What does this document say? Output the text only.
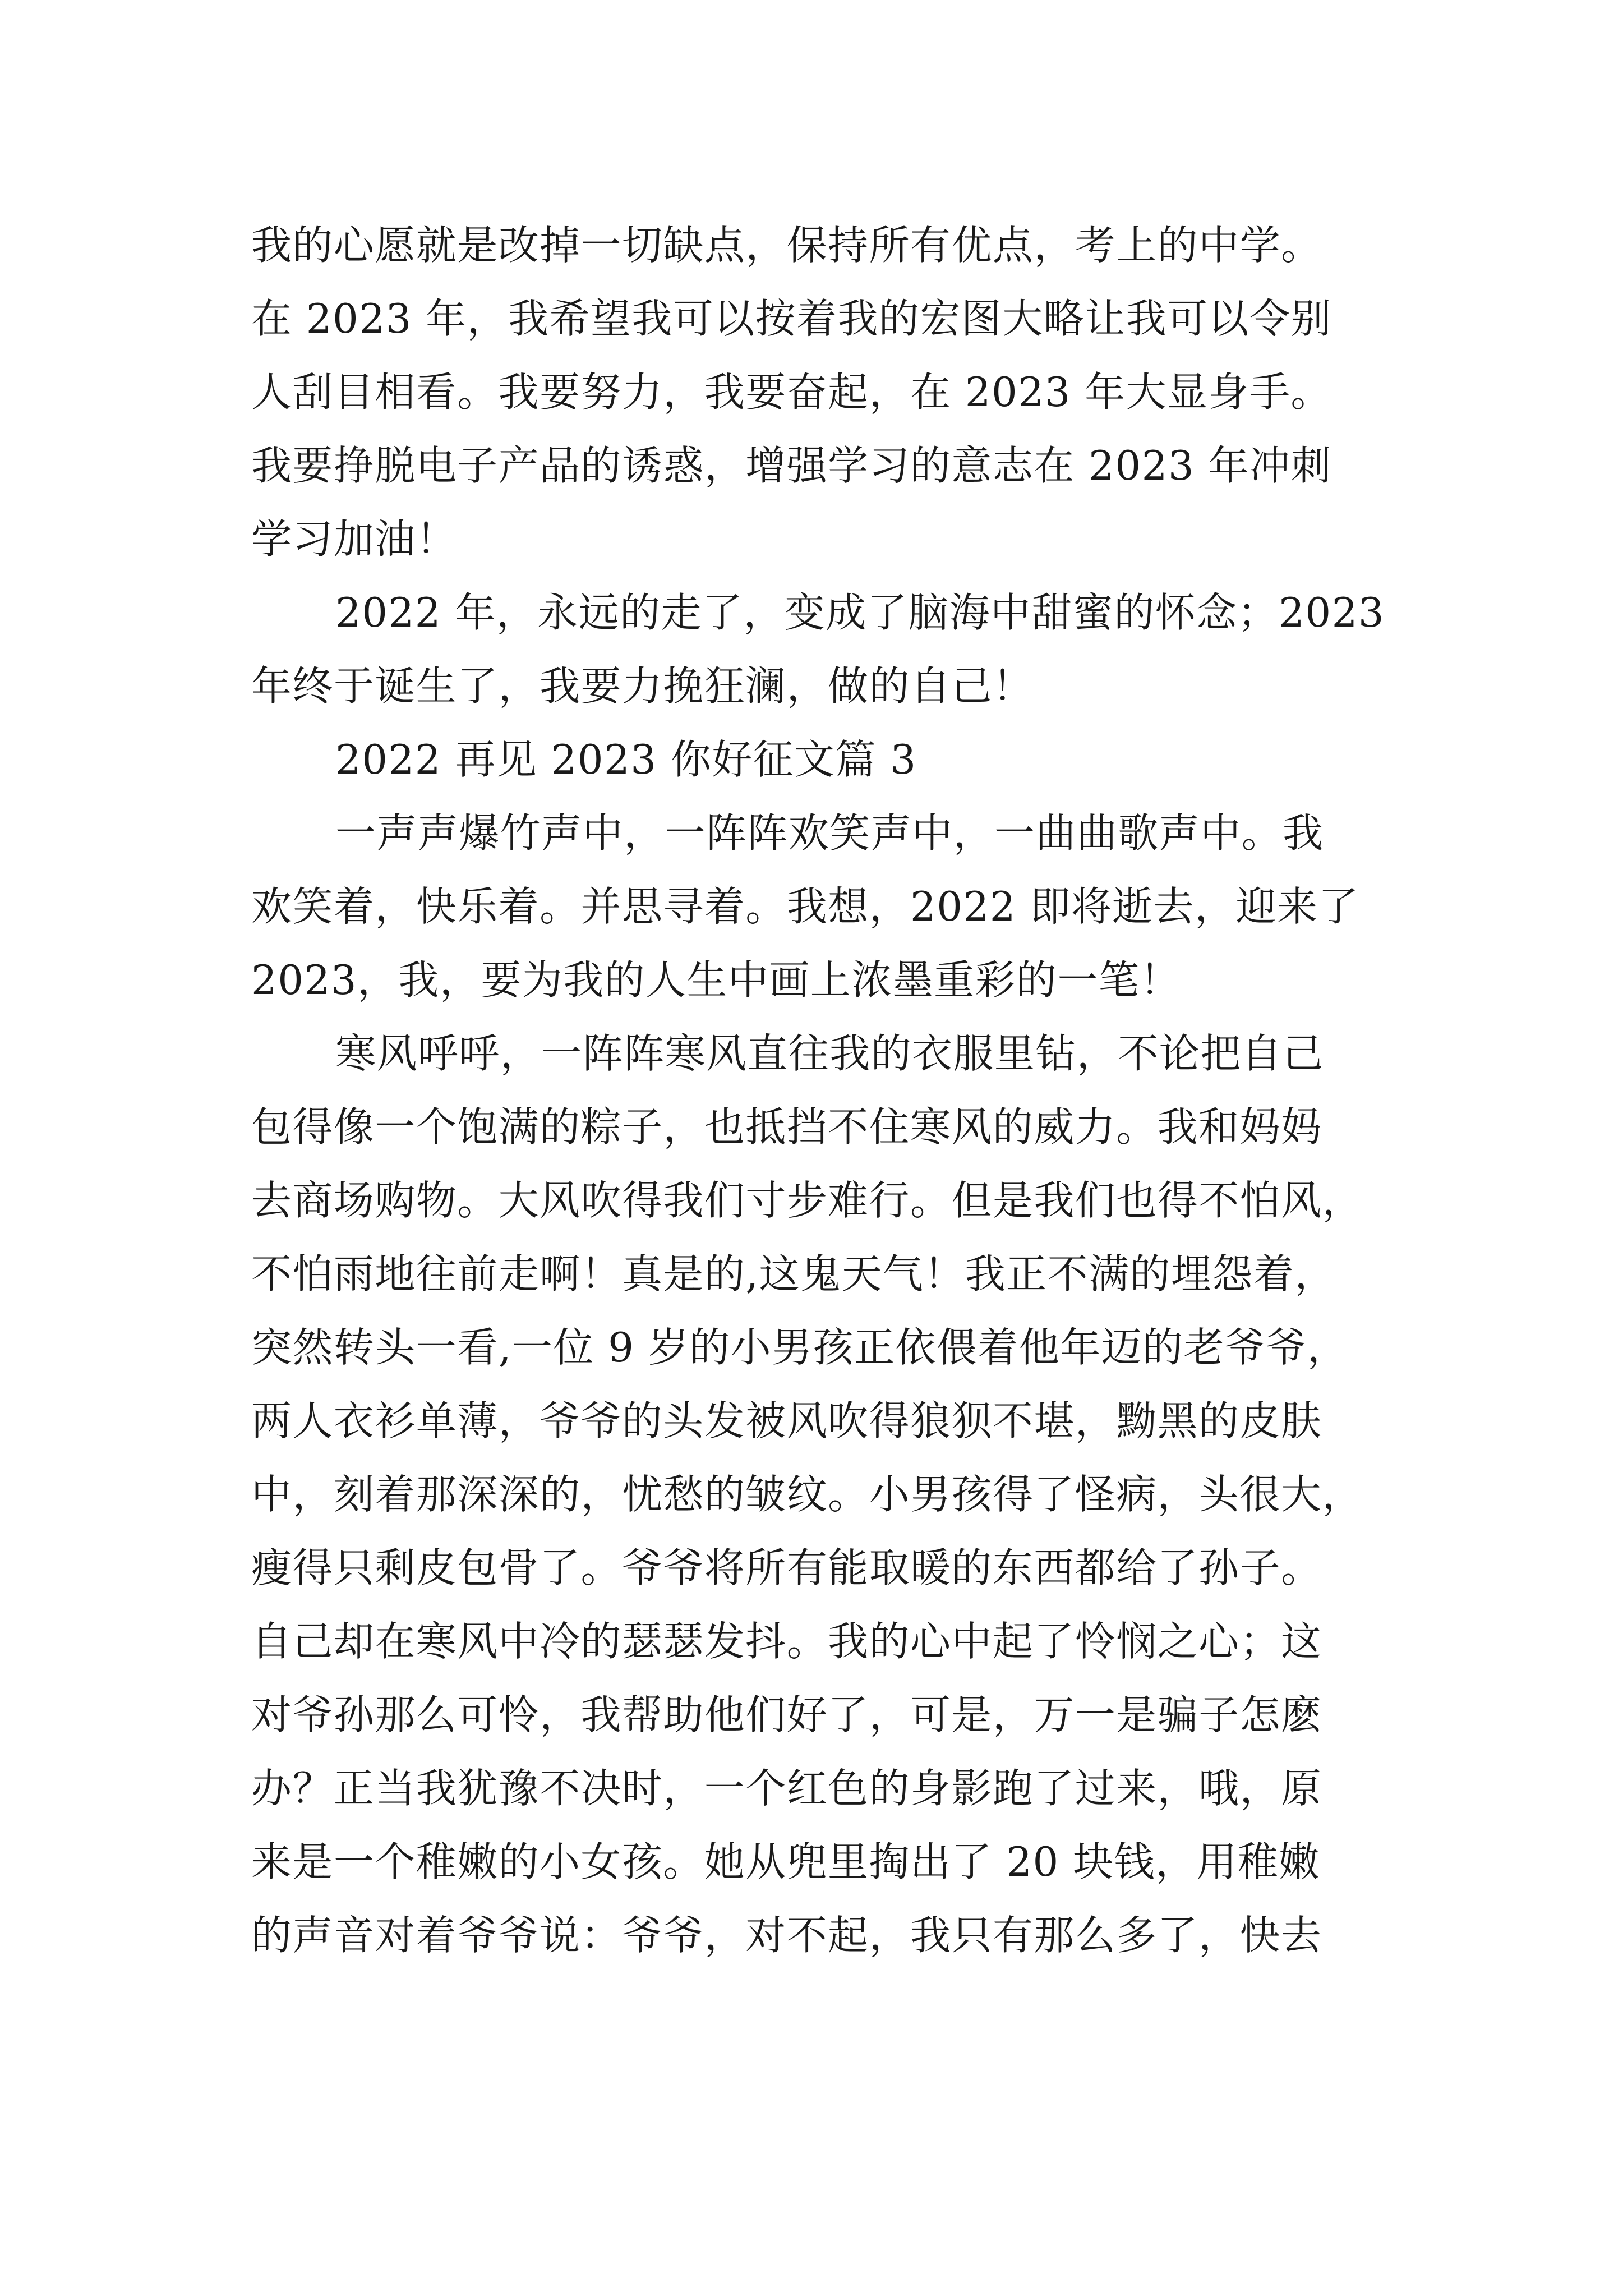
我的心愿就是改掉一切缺点，保持所有优点，考上的中学。
在 2023 年，我希望我可以按着我的宏图大略让我可以令别
人刮目相看。我要努力，我要奋起，在 2023 年大显身手。
我要挣脱电子产品的诱惑，增强学习的意志在 2023 年冲刺
学习加油！
2022 年，永远的走了，变成了脑海中甜蜜的怀念；2023
年终于诞生了，我要力挽狂澜，做的自己！
2022 再见 2023 你好征文篇 3
一声声爆竹声中，一阵阵欢笑声中，一曲曲歌声中。我
欢笑着，快乐着。并思寻着。我想，2022 即将逝去，迎来了
2023，我，要为我的人生中画上浓墨重彩的一笔！
寒风呼呼，一阵阵寒风直往我的衣服里钻，不论把自己
包得像一个饱满的粽子，也抵挡不住寒风的威力。我和妈妈
去商场购物。大风吹得我们寸步难行。但是我们也得不怕风，
不怕雨地往前走啊！真是的,这鬼天气！我正不满的埋怨着，
突然转头一看,一位 9 岁的小男孩正依偎着他年迈的老爷爷，
两人衣衫单薄，爷爷的头发被风吹得狼狈不堪，黝黑的皮肤
中，刻着那深深的，忧愁的皱纹。小男孩得了怪病，头很大，
瘦得只剩皮包骨了。爷爷将所有能取暖的东西都给了孙子。
自己却在寒风中冷的瑟瑟发抖。我的心中起了怜悯之心；这
对爷孙那么可怜，我帮助他们好了，可是，万一是骗子怎麽
办？正当我犹豫不决时，一个红色的身影跑了过来，哦，原
来是一个稚嫩的小女孩。她从兜里掏出了 20 块钱，用稚嫩
的声音对着爷爷说：爷爷，对不起，我只有那么多了，快去
